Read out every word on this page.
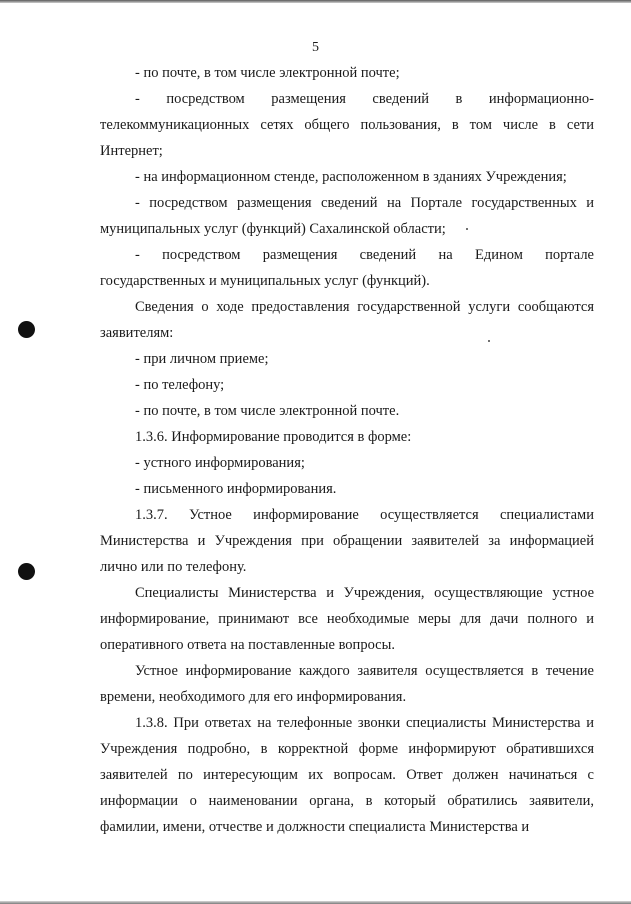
5

- по почте, в том числе электронной почте;

- посредством размещения сведений в информационно-

телекоммуникационных сетях общего пользования, в том числе в сети Интернет;

- на информационном стенде, расположенном в зданиях Учреждения;

- посредством размещения сведений на Портале государственных и муниципальных услуг (функций) Сахалинской области;

- посредством размещения сведений на Едином портале

государственных и муниципальных услуг (функций).

Сведения о ходе предоставления государственной услуги сообщаются заявителям:

- при личном приеме;

- по телефону;

- по почте, в том числе электронной почте.

1.3.6. Информирование проводится в форме:

- устного информирования;

- письменного информирования.

1.3.7. Устное информирование осуществляется специалистами Министерства и Учреждения при обращении заявителей за информацией лично или по телефону.

Специалисты Министерства и Учреждения, осуществляющие устное информирование, принимают все необходимые меры для дачи полного и оперативного ответа на поставленные вопросы.

Устное информирование каждого заявителя осуществляется в течение времени, необходимого для его информирования.

1.3.8. При ответах на телефонные звонки специалисты Министерства и Учреждения подробно, в корректной форме информируют обратившихся заявителей по интересующим их вопросам. Ответ должен начинаться с информации о наименовании органа, в который обратились заявители, фамилии, имени, отчестве и должности специалиста Министерства и
